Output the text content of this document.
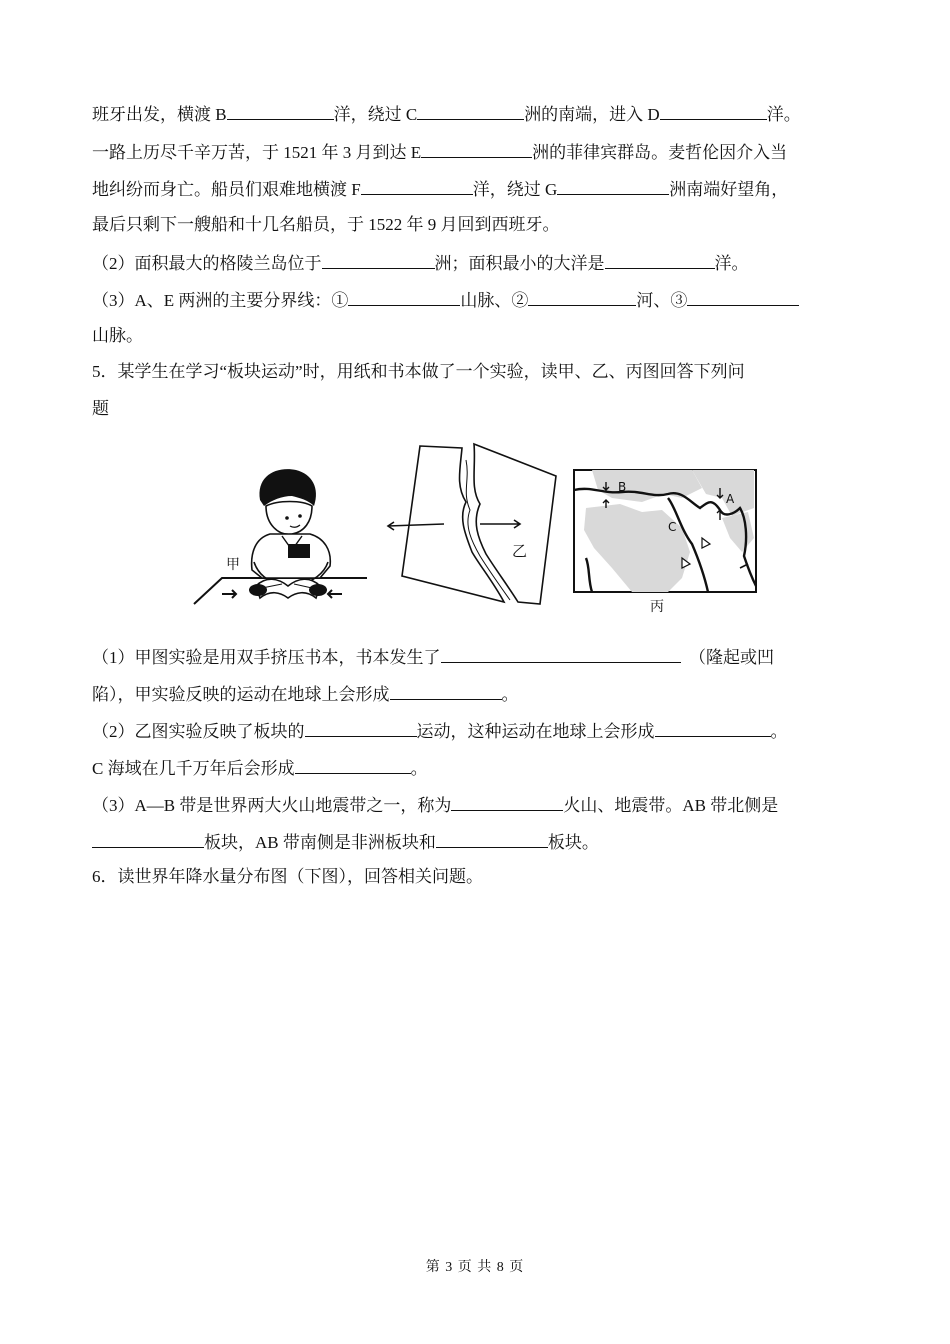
班牙出发，横渡 B	洋，绕过 C	洲的南端，进入 D	洋。
一路上历尽千辛万苦，于 1521 年 3 月到达 E	洲的菲律宾群岛。麦哲伦因介入当
地纠纷而身亡。船员们艰难地横渡 F	洋，绕过 G	洲南端好望角，
最后只剩下一艘船和十几名船员，于 1522 年 9 月回到西班牙。
（2）面积最大的格陵兰岛位于	洲；面积最小的大洋是	洋。
（3）A、E 两洲的主要分界线：①	山脉、②	河、③
山脉。
5．某学生在学习“板块运动”时，用纸和书本做了一个实验，读甲、乙、丙图回答下列问
题
甲
乙
B
A
C
丙
（1）甲图实验是用双手挤压书本，书本发生了	（隆起或凹
陷），甲实验反映的运动在地球上会形成	。
（2）乙图实验反映了板块的	运动，这种运动在地球上会形成	。
C 海域在几千万年后会形成	。
（3）A—B 带是世界两大火山地震带之一，称为	火山、地震带。AB 带北侧是
板块，AB 带南侧是非洲板块和	板块。
6．读世界年降水量分布图（下图），回答相关问题。
第 3 页 共 8 页
